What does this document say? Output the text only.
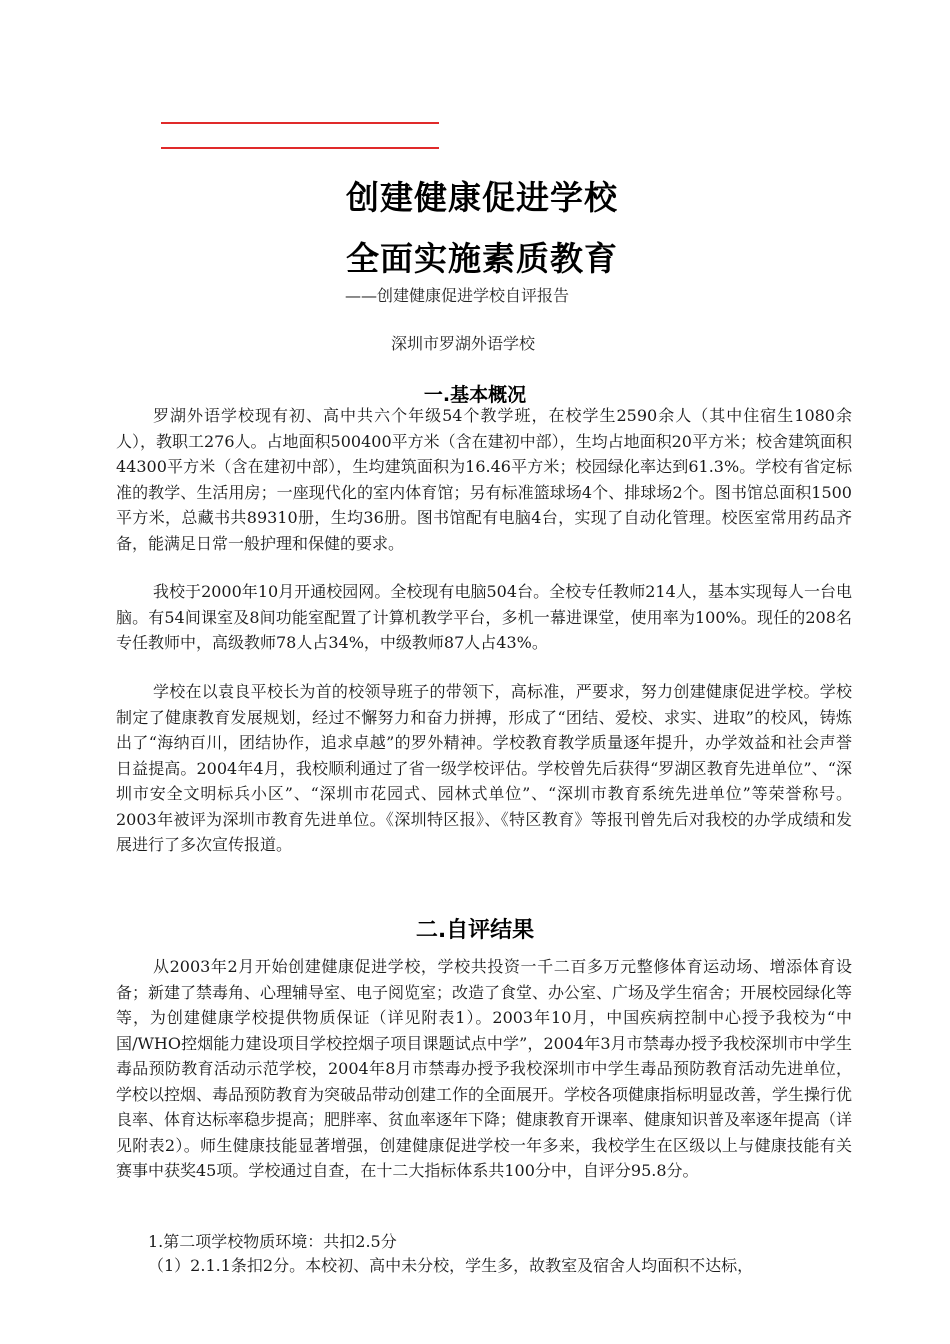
创建健康促进学校
全面实施素质教育
——创建健康促进学校自评报告
深圳市罗湖外语学校
一.基本概况
罗湖外语学校现有初、高中共六个年级54个教学班，在校学生2590余人（其中住宿生1080余人），教职工276人。占地面积500400平方米（含在建初中部），生均占地面积20平方米；校舍建筑面积44300平方米（含在建初中部），生均建筑面积为16.46平方米；校园绿化率达到61.3%。学校有省定标准的教学、生活用房；一座现代化的室内体育馆；另有标准篮球场4个、排球场2个。图书馆总面积1500平方米，总藏书共89310册，生均36册。图书馆配有电脑4台，实现了自动化管理。校医室常用药品齐备，能满足日常一般护理和保健的要求。
我校于2000年10月开通校园网。全校现有电脑504台。全校专任教师214人，基本实现每人一台电脑。有54间课室及8间功能室配置了计算机教学平台，多机一幕进课堂，使用率为100%。现任的208名专任教师中，高级教师78人占34%，中级教师87人占43%。
学校在以袁良平校长为首的校领导班子的带领下，高标准，严要求，努力创建健康促进学校。学校制定了健康教育发展规划，经过不懈努力和奋力拼搏，形成了“团结、爱校、求实、进取”的校风，铸炼出了“海纳百川，团结协作，追求卓越”的罗外精神。学校教育教学质量逐年提升，办学效益和社会声誉日益提高。2004年4月，我校顺利通过了省一级学校评估。学校曾先后获得“罗湖区教育先进单位”、“深圳市安全文明标兵小区”、“深圳市花园式、园林式单位”、“深圳市教育系统先进单位”等荣誉称号。2003年被评为深圳市教育先进单位。《深圳特区报》、《特区教育》等报刊曾先后对我校的办学成绩和发展进行了多次宣传报道。
二.自评结果
从2003年2月开始创建健康促进学校，学校共投资一千二百多万元整修体育运动场、增添体育设备；新建了禁毒角、心理辅导室、电子阅览室；改造了食堂、办公室、广场及学生宿舍；开展校园绿化等等，为创建健康学校提供物质保证（详见附表1）。2003年10月，中国疾病控制中心授予我校为“中国/WHO控烟能力建设项目学校控烟子项目课题试点中学”，2004年3月市禁毒办授予我校深圳市中学生毒品预防教育活动示范学校，2004年8月市禁毒办授予我校深圳市中学生毒品预防教育活动先进单位，学校以控烟、毒品预防教育为突破品带动创建工作的全面展开。学校各项健康指标明显改善，学生操行优良率、体育达标率稳步提高；肥胖率、贫血率逐年下降；健康教育开课率、健康知识普及率逐年提高（详见附表2）。师生健康技能显著增强，创建健康促进学校一年多来，我校学生在区级以上与健康技能有关赛事中获奖45项。学校通过自查，在十二大指标体系共100分中，自评分95.8分。
1.第二项学校物质环境：共扣2.5分
（1）2.1.1条扣2分。本校初、高中未分校，学生多，故教室及宿舍人均面积不达标，
